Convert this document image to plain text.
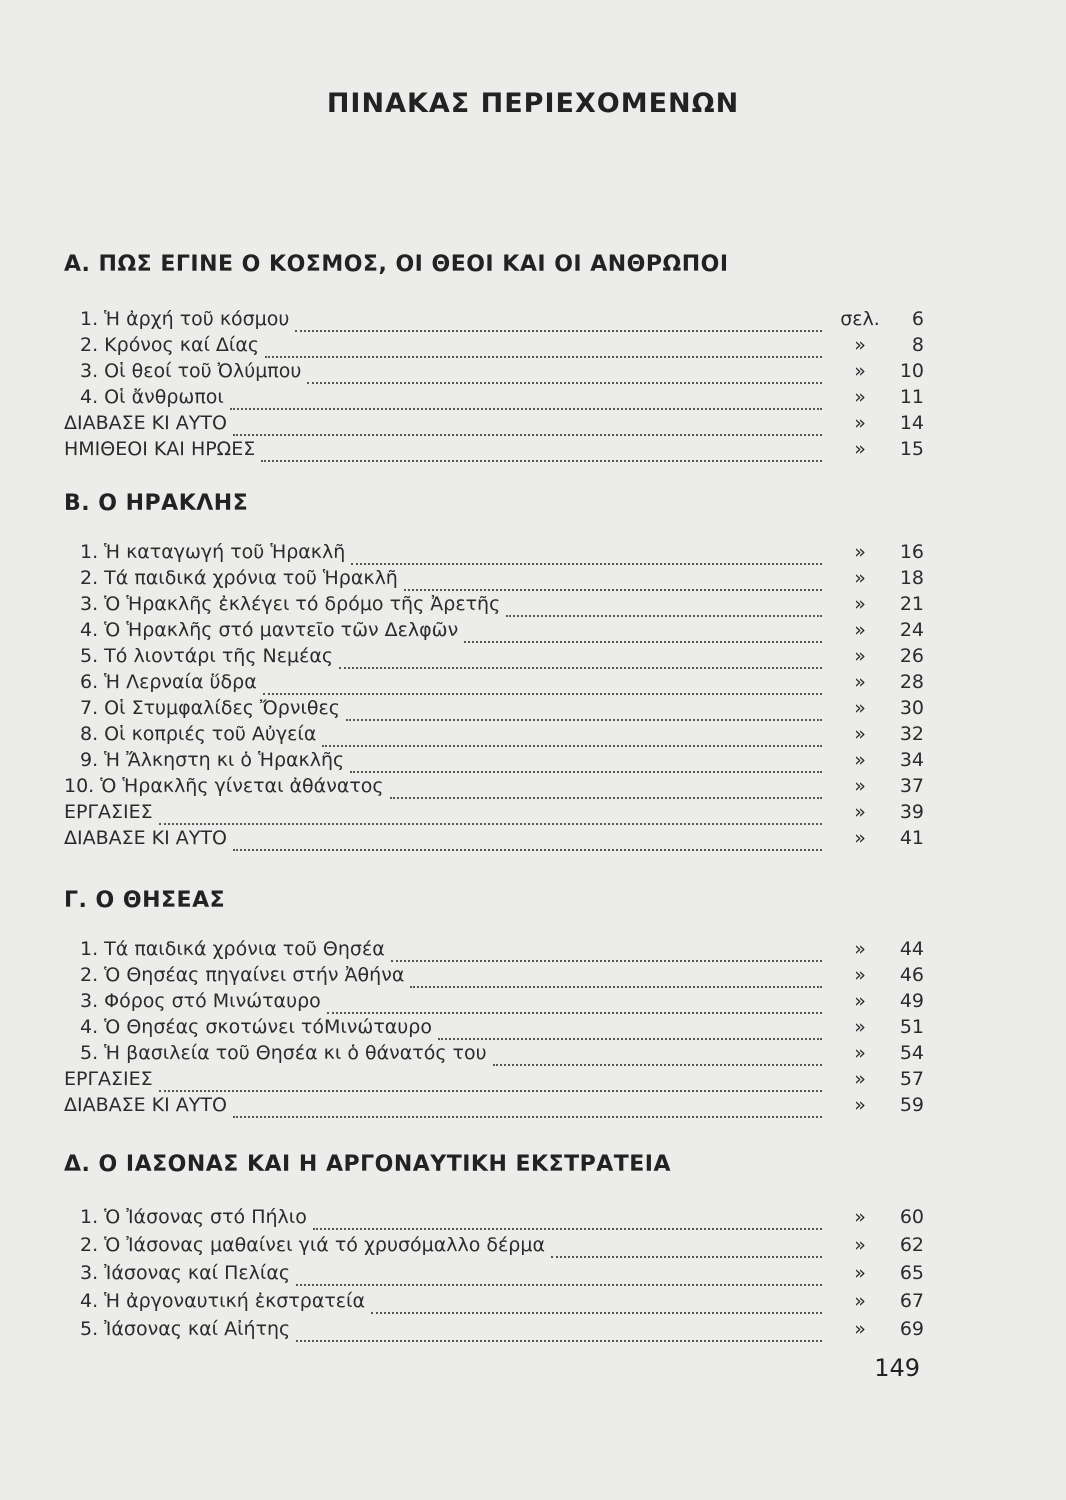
ΠΙΝΑΚΑΣ ΠΕΡΙΕΧΟΜΕΝΩΝ
Α. ΠΩΣ ΕΓΙΝΕ Ο ΚΟΣΜΟΣ, ΟΙ ΘΕΟΙ ΚΑΙ ΟΙ ΑΝΘΡΩΠΟΙ
1. Ἡ ἀρχή τοῦ κόσμου	σελ.	6
2. Κρόνος καί Δίας	»	8
3. Οἱ θεοί τοῦ Ὀλύμπου	»	10
4. Οἱ ἄνθρωποι	»	11
ΔΙΑΒΑΣΕ ΚΙ ΑΥΤΟ	»	14
ΗΜΙΘΕΟΙ ΚΑΙ ΗΡΩΕΣ	»	15
Β. Ο ΗΡΑΚΛΗΣ
1. Ἡ καταγωγή τοῦ Ἡρακλῆ	»	16
2. Τά παιδικά χρόνια τοῦ Ἡρακλῆ	»	18
3. Ὁ Ἡρακλῆς ἐκλέγει τό δρόμο τῆς Ἀρετῆς	»	21
4. Ὁ Ἡρακλῆς στό μαντεῖο τῶν Δελφῶν	»	24
5. Τό λιοντάρι τῆς Νεμέας	»	26
6. Ἡ Λερναία ὕδρα	»	28
7. Οἱ Στυμφαλίδες Ὄρνιθες	»	30
8. Οἱ κοπριές τοῦ Αὐγεία	»	32
9. Ἡ Ἄλκηστη κι ὁ Ἡρακλῆς	»	34
10. Ὁ Ἡρακλῆς γίνεται ἀθάνατος	»	37
ΕΡΓΑΣΙΕΣ	»	39
ΔΙΑΒΑΣΕ ΚΙ ΑΥΤΟ	»	41
Γ. Ο ΘΗΣΕΑΣ
1. Τά παιδικά χρόνια τοῦ Θησέα	»	44
2. Ὁ Θησέας πηγαίνει στήν Ἀθήνα	»	46
3. Φόρος στό Μινώταυρο	»	49
4. Ὁ Θησέας σκοτώνει τόΜινώταυρο	»	51
5. Ἡ βασιλεία τοῦ Θησέα κι ὁ θάνατός του	»	54
ΕΡΓΑΣΙΕΣ	»	57
ΔΙΑΒΑΣΕ ΚΙ ΑΥΤΟ	»	59
Δ. Ο ΙΑΣΟΝΑΣ ΚΑΙ Η ΑΡΓΟΝΑΥΤΙΚΗ ΕΚΣΤΡΑΤΕΙΑ
1. Ὁ Ἰάσονας στό Πήλιο	»	60
2. Ὁ Ἰάσονας μαθαίνει γιά τό χρυσόμαλλο δέρμα	»	62
3. Ἰάσονας καί Πελίας	»	65
4. Ἡ ἀργοναυτική ἐκστρατεία	»	67
5. Ἰάσονας καί Αἰήτης	»	69
149
